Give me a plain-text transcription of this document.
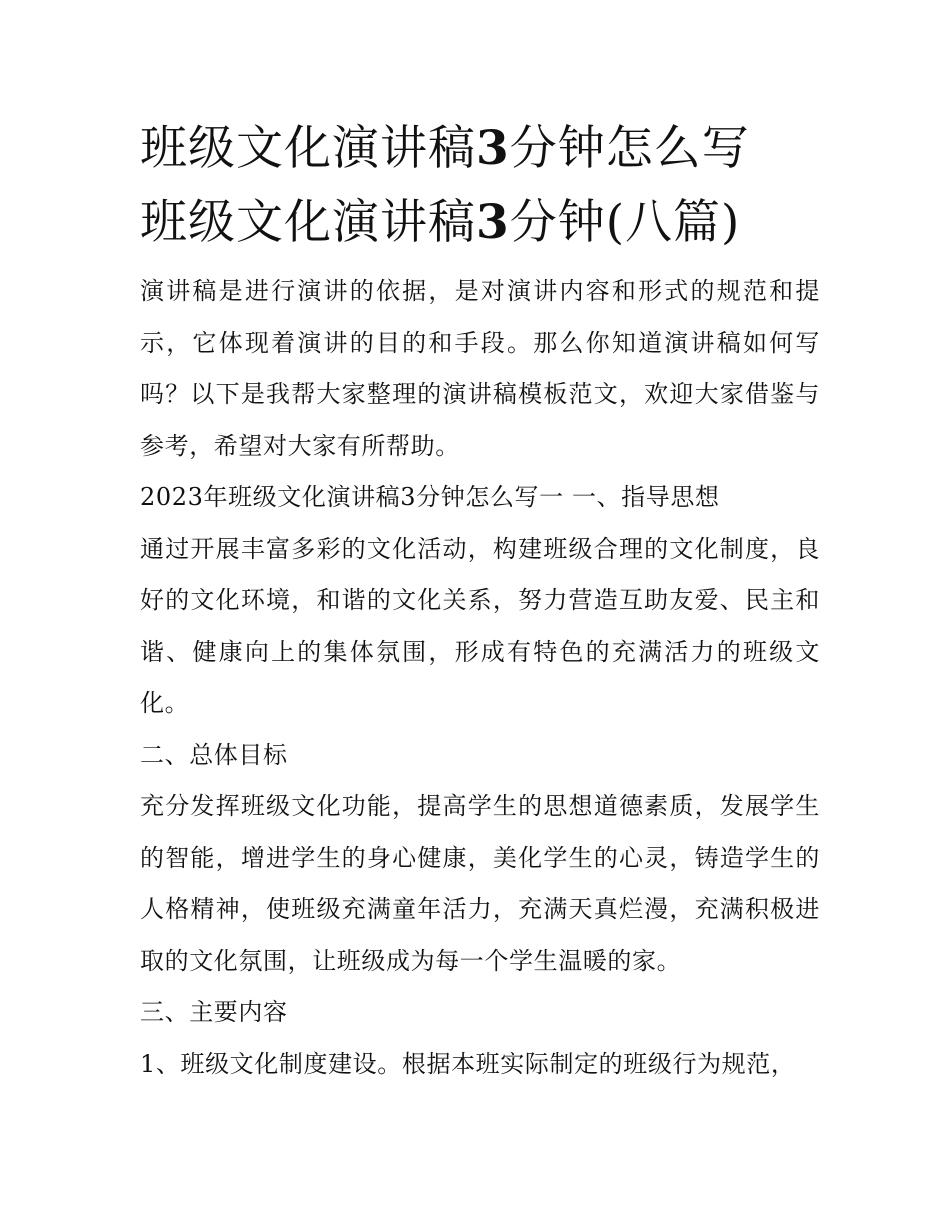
班级文化演讲稿3分钟怎么写
班级文化演讲稿3分钟(八篇)

演讲稿是进行演讲的依据，是对演讲内容和形式的规范和提示，它体现着演讲的目的和手段。那么你知道演讲稿如何写吗？以下是我帮大家整理的演讲稿模板范文，欢迎大家借鉴与参考，希望对大家有所帮助。

2023年班级文化演讲稿3分钟怎么写一 一、指导思想

通过开展丰富多彩的文化活动，构建班级合理的文化制度，良好的文化环境，和谐的文化关系，努力营造互助友爱、民主和谐、健康向上的集体氛围，形成有特色的充满活力的班级文化。

二、总体目标

充分发挥班级文化功能，提高学生的思想道德素质，发展学生的智能，增进学生的身心健康，美化学生的心灵，铸造学生的人格精神，使班级充满童年活力，充满天真烂漫，充满积极进取的文化氛围，让班级成为每一个学生温暖的家。

三、主要内容

1、班级文化制度建设。根据本班实际制定的班级行为规范，
